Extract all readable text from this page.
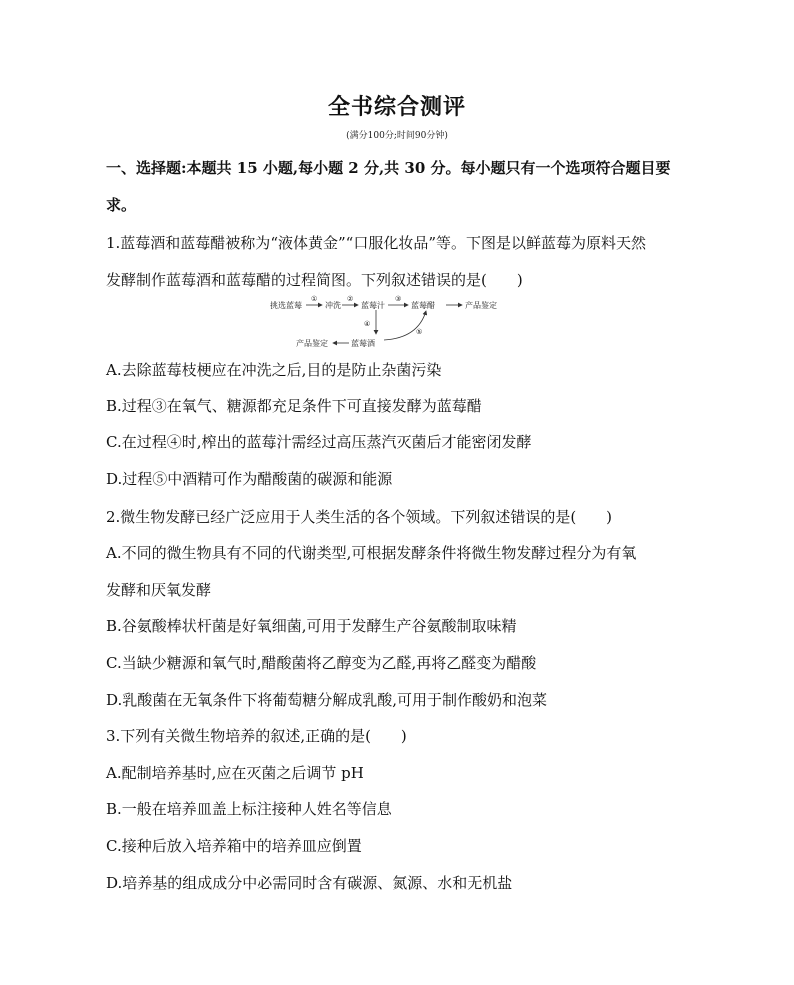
全书综合测评
(满分100分;时间90分钟)
一、选择题:本题共 15 小题,每小题 2 分,共 30 分。每小题只有一个选项符合题目要
求。
1.蓝莓酒和蓝莓醋被称为“液体黄金”“口服化妆品”等。下图是以鲜蓝莓为原料天然
发酵制作蓝莓酒和蓝莓醋的过程简图。下列叙述错误的是(　　)
挑选蓝莓
①
冲洗
②
蓝莓汁
③
蓝莓醋	产品鉴定
④
蓝莓酒
产品鉴定
⑤
A.去除蓝莓枝梗应在冲洗之后,目的是防止杂菌污染
B.过程③在氧气、糖源都充足条件下可直接发酵为蓝莓醋
C.在过程④时,榨出的蓝莓汁需经过高压蒸汽灭菌后才能密闭发酵
D.过程⑤中酒精可作为醋酸菌的碳源和能源
2.微生物发酵已经广泛应用于人类生活的各个领域。下列叙述错误的是(　　)
A.不同的微生物具有不同的代谢类型,可根据发酵条件将微生物发酵过程分为有氧
发酵和厌氧发酵
B.谷氨酸棒状杆菌是好氧细菌,可用于发酵生产谷氨酸制取味精
C.当缺少糖源和氧气时,醋酸菌将乙醇变为乙醛,再将乙醛变为醋酸
D.乳酸菌在无氧条件下将葡萄糖分解成乳酸,可用于制作酸奶和泡菜
3.下列有关微生物培养的叙述,正确的是(　　)
A.配制培养基时,应在灭菌之后调节 pH
B.一般在培养皿盖上标注接种人姓名等信息
C.接种后放入培养箱中的培养皿应倒置
D.培养基的组成成分中必需同时含有碳源、氮源、水和无机盐
